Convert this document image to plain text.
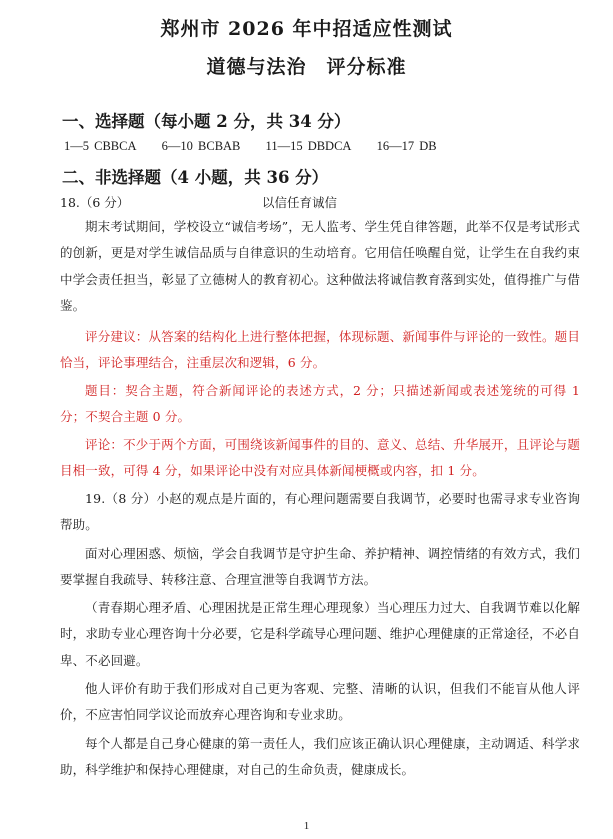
郑州市 2026 年中招适应性测试
道德与法治　评分标准
一、选择题（每小题 2 分，共 34 分）
1—5 CBBCA 6—10 BCBAB 11—15 DBDCA 16—17 DB
二、非选择题（4 小题，共 36 分）
18.（6 分）	以信任育诚信
期末考试期间，学校设立“诚信考场”，无人监考、学生凭自律答题，此举不仅是考试形式的创新，更是对学生诚信品质与自律意识的生动培育。它用信任唤醒自觉，让学生在自我约束中学会责任担当，彰显了立德树人的教育初心。这种做法将诚信教育落到实处，值得推广与借鉴。
评分建议：从答案的结构化上进行整体把握，体现标题、新闻事件与评论的一致性。题目恰当，评论事理结合，注重层次和逻辑，6 分。
题目：契合主题，符合新闻评论的表述方式，2 分；只描述新闻或表述笼统的可得 1 分；不契合主题 0 分。
评论：不少于两个方面，可围绕该新闻事件的目的、意义、总结、升华展开，且评论与题目相一致，可得 4 分，如果评论中没有对应具体新闻梗概或内容，扣 1 分。
19.（8 分）小赵的观点是片面的，有心理问题需要自我调节，必要时也需寻求专业咨询帮助。
面对心理困惑、烦恼，学会自我调节是守护生命、养护精神、调控情绪的有效方式，我们要掌握自我疏导、转移注意、合理宣泄等自我调节方法。
（青春期心理矛盾、心理困扰是正常生理心理现象）当心理压力过大、自我调节难以化解时，求助专业心理咨询十分必要，它是科学疏导心理问题、维护心理健康的正常途径，不必自卑、不必回避。
他人评价有助于我们形成对自己更为客观、完整、清晰的认识，但我们不能盲从他人评价，不应害怕同学议论而放弃心理咨询和专业求助。
每个人都是自己身心健康的第一责任人，我们应该正确认识心理健康，主动调适、科学求助，科学维护和保持心理健康，对自己的生命负责，健康成长。
1
